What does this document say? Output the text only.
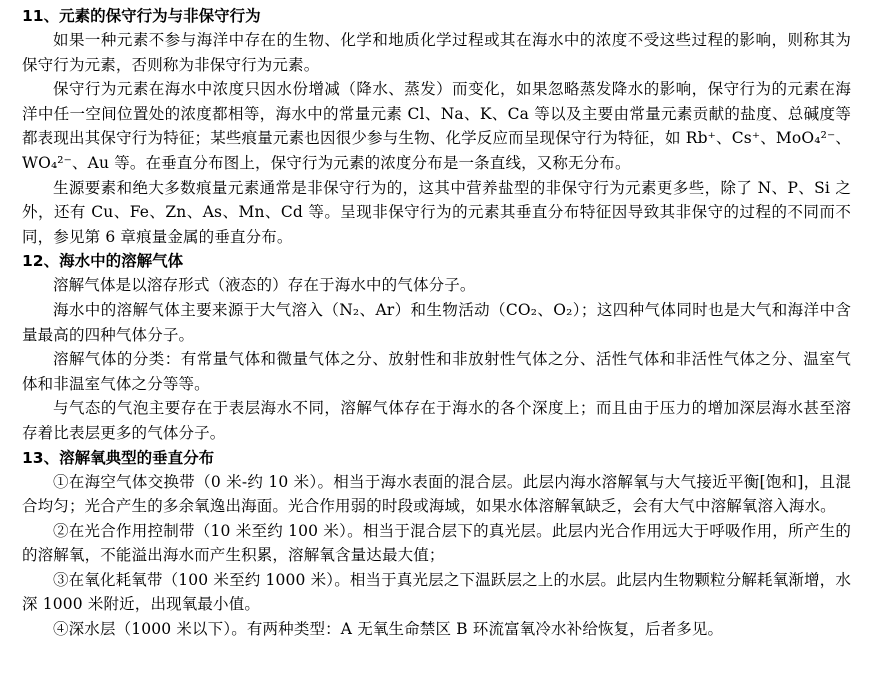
11、元素的保守行为与非保守行为

如果一种元素不参与海洋中存在的生物、化学和地质化学过程或其在海水中的浓度不受这些过程的影响，则称其为保守行为元素，否则称为非保守行为元素。

保守行为元素在海水中浓度只因水份增减（降水、蒸发）而变化，如果忽略蒸发降水的影响，保守行为的元素在海洋中任一空间位置处的浓度都相等，海水中的常量元素 Cl、Na、K、Ca 等以及主要由常量元素贡献的盐度、总碱度等都表现出其保守行为特征；某些痕量元素也因很少参与生物、化学反应而呈现保守行为特征，如 Rb⁺、Cs⁺、MoO₄²⁻、WO₄²⁻、Au 等。在垂直分布图上，保守行为元素的浓度分布是一条直线，又称无分布。

生源要素和绝大多数痕量元素通常是非保守行为的，这其中营养盐型的非保守行为元素更多些，除了 N、P、Si 之外，还有 Cu、Fe、Zn、As、Mn、Cd 等。呈现非保守行为的元素其垂直分布特征因导致其非保守的过程的不同而不同，参见第 6 章痕量金属的垂直分布。

12、海水中的溶解气体

溶解气体是以溶存形式（液态的）存在于海水中的气体分子。

海水中的溶解气体主要来源于大气溶入（N₂、Ar）和生物活动（CO₂、O₂）；这四种气体同时也是大气和海洋中含量最高的四种气体分子。

溶解气体的分类：有常量气体和微量气体之分、放射性和非放射性气体之分、活性气体和非活性气体之分、温室气体和非温室气体之分等等。

与气态的气泡主要存在于表层海水不同，溶解气体存在于海水的各个深度上；而且由于压力的增加深层海水甚至溶存着比表层更多的气体分子。

13、溶解氧典型的垂直分布

①在海空气体交换带（0 米-约 10 米）。相当于海水表面的混合层。此层内海水溶解氧与大气接近平衡[饱和]，且混合均匀；光合产生的多余氧逸出海面。光合作用弱的时段或海域，如果水体溶解氧缺乏，会有大气中溶解氧溶入海水。

②在光合作用控制带（10 米至约 100 米）。相当于混合层下的真光层。此层内光合作用远大于呼吸作用，所产生的的溶解氧，不能溢出海水而产生积累，溶解氧含量达最大值；

③在氧化耗氧带（100 米至约 1000 米）。相当于真光层之下温跃层之上的水层。此层内生物颗粒分解耗氧渐增，水深 1000 米附近，出现氧最小值。

④深水层（1000 米以下）。有两种类型：A 无氧生命禁区 B 环流富氧冷水补给恢复，后者多见。
